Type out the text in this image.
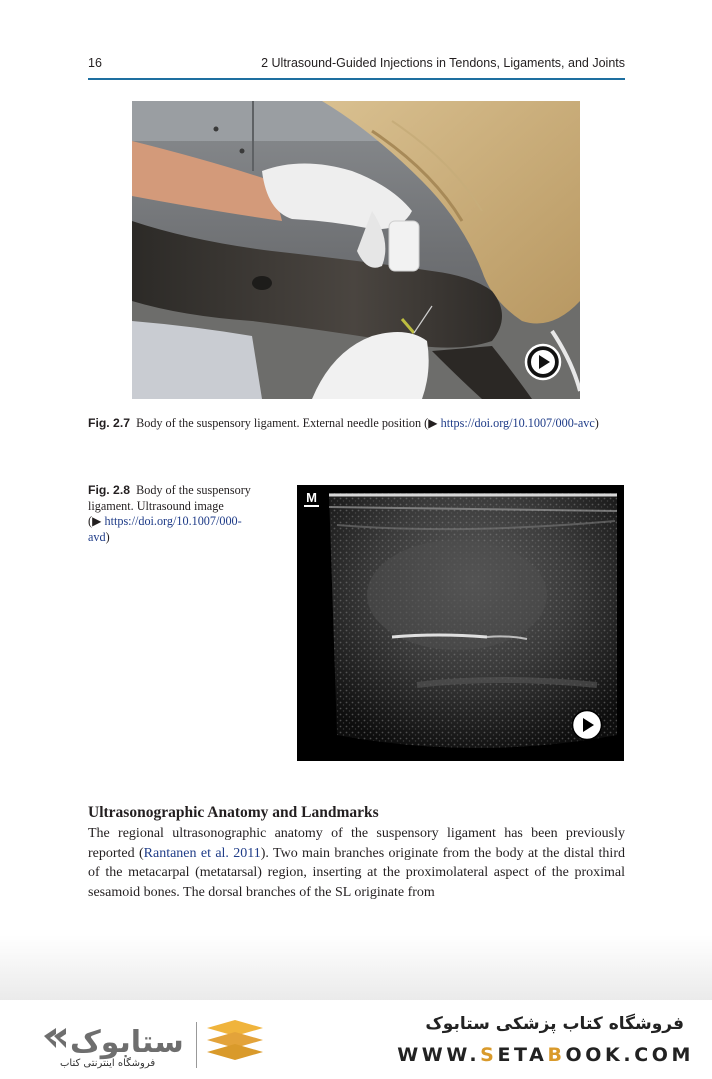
16	2 Ultrasound-Guided Injections in Tendons, Ligaments, and Joints
Fig. 2.7 Body of the suspensory ligament. External needle position (▶ https://doi.org/10.1007/000-avc)
Fig. 2.8 Body of the suspensory ligament. Ultrasound image (▶ https://doi.org/10.1007/000-avd)
M
Ultrasonographic Anatomy and Landmarks

The regional ultrasonographic anatomy of the suspensory ligament has been previously reported (Rantanen et al. 2011). Two main branches originate from the body at the distal third of the metacarpal (metatarsal) region, inserting at the proximolateral aspect of the proximal sesamoid bones. The dorsal branches of the SL originate from

ستابوک
فروشگاه اینترنتی کتاب
فروشگاه کتاب پزشکی ستابوک
WWW.SETABOOK.COM
